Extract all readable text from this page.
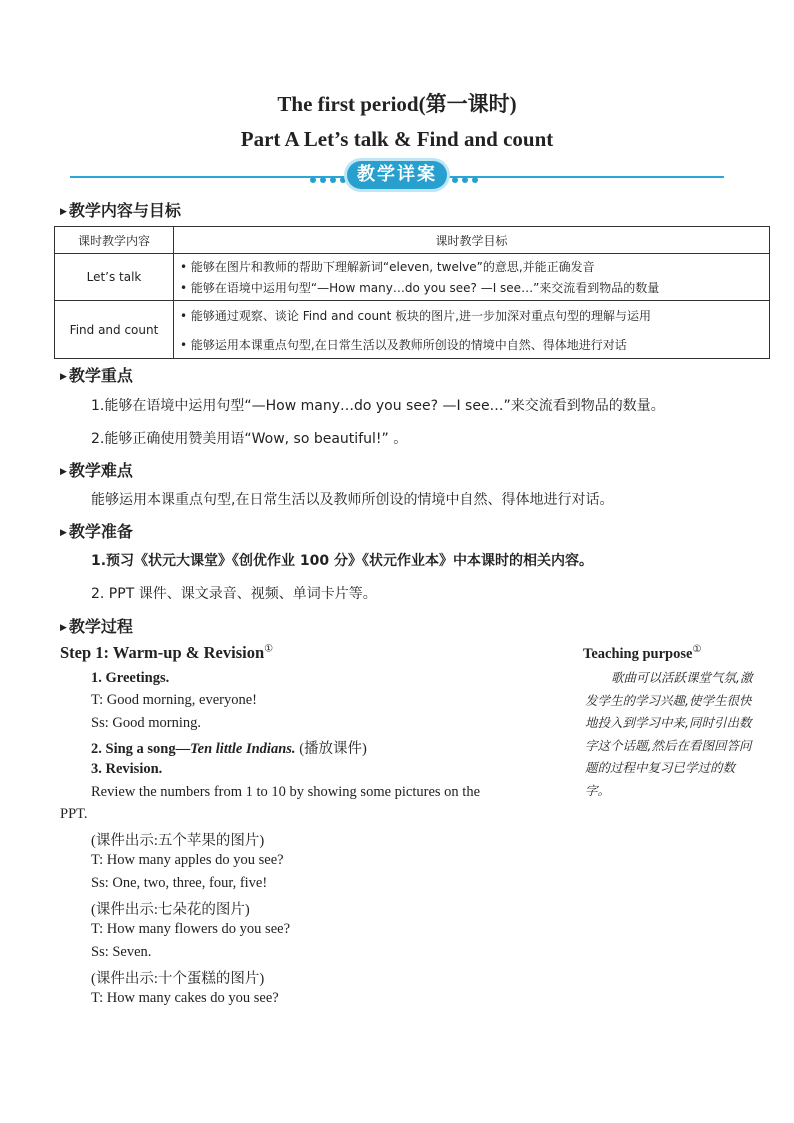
The first period(第一课时)
Part A Let’s talk & Find and count
教学详案
▶ 教学内容与目标
课时教学内容	课时教学目标
Let’s talk	• 能够在图片和教师的帮助下理解新词“eleven, twelve”的意思,并能正确发音
• 能够在语境中运用句型“—How many…do you see? —I see…”来交流看到物品的数量

Find and count	• 能够通过观察、谈论 Find and count 板块的图片,进一步加深对重点句型的理解与运用
• 能够运用本课重点句型,在日常生活以及教师所创设的情境中自然、得体地进行对话
▶ 教学重点
1.能够在语境中运用句型“—How many…do you see? —I see…”来交流看到物品的数量。
2.能够正确使用赞美用语“Wow, so beautiful!” 。
▶ 教学难点
能够运用本课重点句型,在日常生活以及教师所创设的情境中自然、得体地进行对话。
▶ 教学准备
1.预习《状元大课堂》《创优作业 100 分》《状元作业本》中本课时的相关内容。
2. PPT 课件、课文录音、视频、单词卡片等。
▶ 教学过程
Step 1: Warm-up & Revision①
1. Greetings.
T: Good morning, everyone!
Ss: Good morning.
2. Sing a song—Ten little Indians. (播放课件)
3. Revision.
Review the numbers from 1 to 10 by showing some pictures on the
PPT.
(课件出示:五个苹果的图片)
T: How many apples do you see?
Ss: One, two, three, four, five!
(课件出示:七朵花的图片)
T: How many flowers do you see?
Ss: Seven.
(课件出示:十个蛋糕的图片)
T: How many cakes do you see?
Teaching purpose①
歌曲可以活跃课堂气氛,激发学生的学习兴趣,使学生很快地投入到学习中来,同时引出数字这个话题,然后在看图回答问题的过程中复习已学过的数字。
